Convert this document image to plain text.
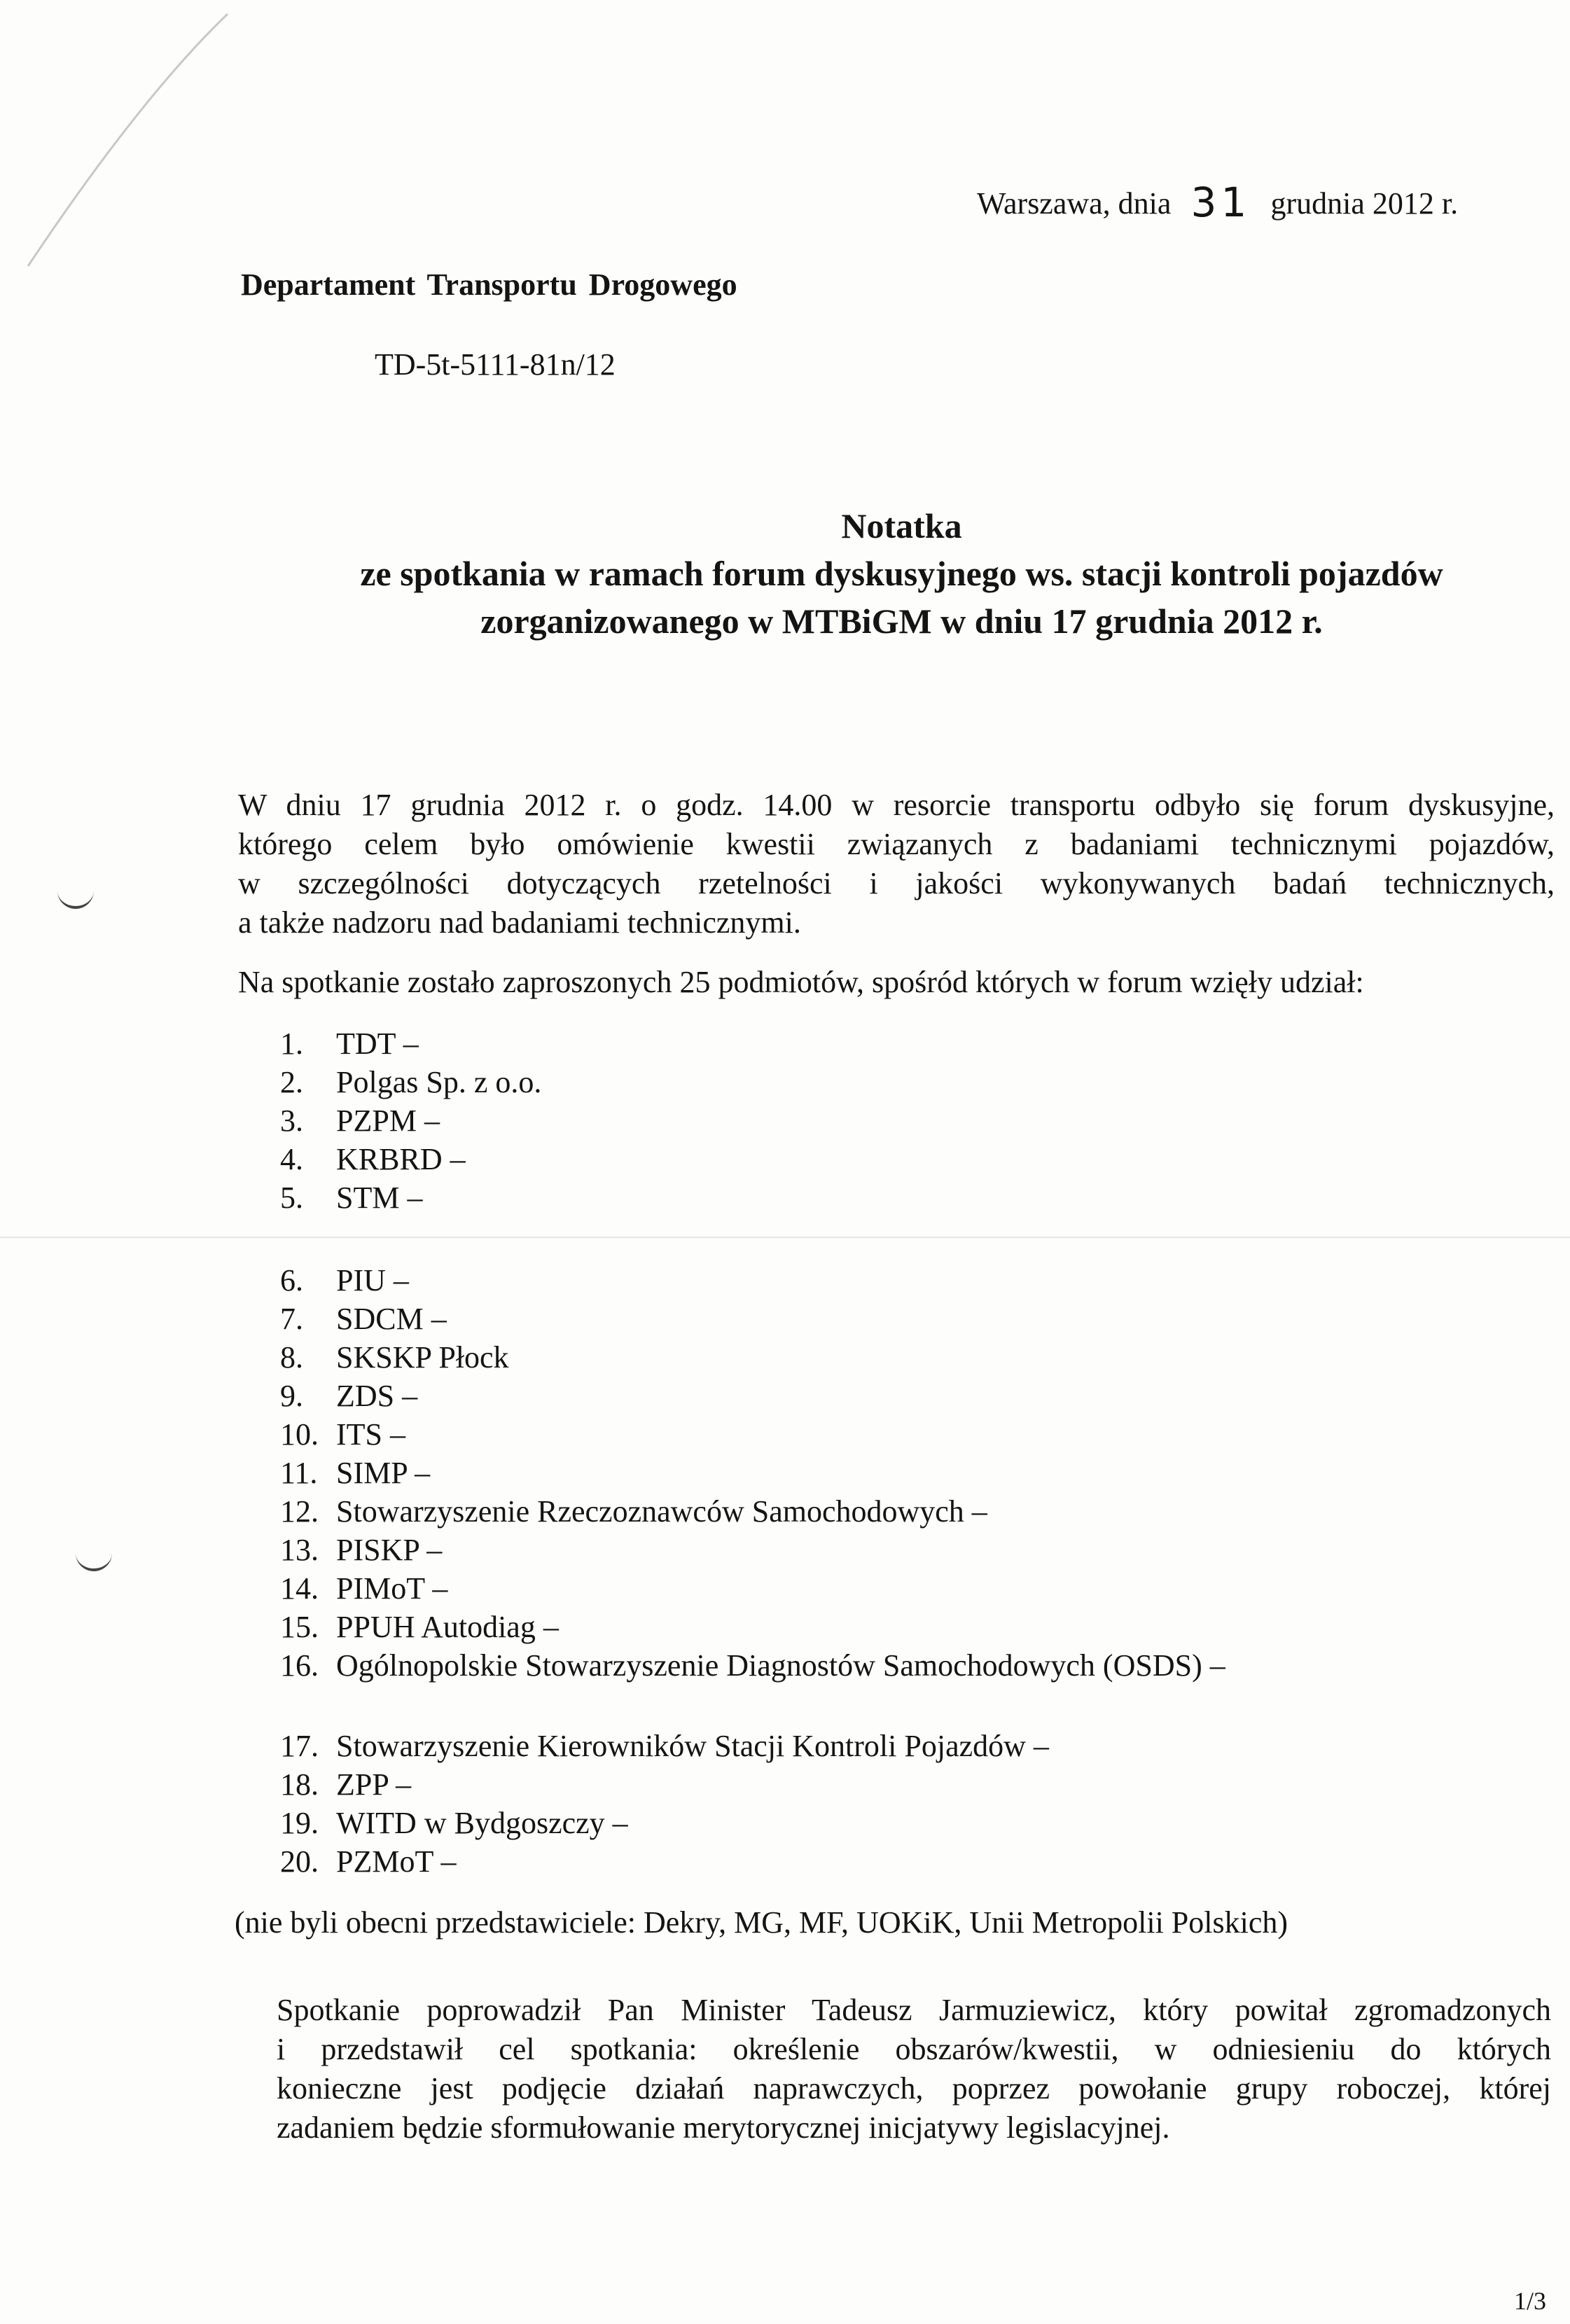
Warszawa, dnia 31 grudnia 2012 r.
Departament Transportu Drogowego
TD-5t-5111-81n/12
Notatka
ze spotkania w ramach forum dyskusyjnego ws. stacji kontroli pojazdów
zorganizowanego w MTBiGM w dniu 17 grudnia 2012 r.
W dniu 17 grudnia 2012 r. o godz. 14.00 w resorcie transportu odbyło się forum dyskusyjne,
którego celem było omówienie kwestii związanych z badaniami technicznymi pojazdów,
w szczególności dotyczących rzetelności i jakości wykonywanych badań technicznych,
a także nadzoru nad badaniami technicznymi.
Na spotkanie zostało zaproszonych 25 podmiotów, spośród których w forum wzięły udział:
1. TDT –
2. Polgas Sp. z o.o.
3. PZPM –
4. KRBRD –
5. STM –
6. PIU –
7. SDCM –
8. SKSKP Płock
9. ZDS –
10. ITS –
11. SIMP –
12. Stowarzyszenie Rzeczoznawców Samochodowych –
13. PISKP –
14. PIMoT –
15. PPUH Autodiag –
16. Ogólnopolskie Stowarzyszenie Diagnostów Samochodowych (OSDS) –
17. Stowarzyszenie Kierowników Stacji Kontroli Pojazdów –
18. ZPP –
19. WITD w Bydgoszczy –
20. PZMoT –
(nie byli obecni przedstawiciele: Dekry, MG, MF, UOKiK, Unii Metropolii Polskich)
Spotkanie poprowadził Pan Minister Tadeusz Jarmuziewicz, który powitał zgromadzonych
i przedstawił cel spotkania: określenie obszarów/kwestii, w odniesieniu do których
konieczne jest podjęcie działań naprawczych, poprzez powołanie grupy roboczej, której
zadaniem będzie sformułowanie merytorycznej inicjatywy legislacyjnej.
1/3
